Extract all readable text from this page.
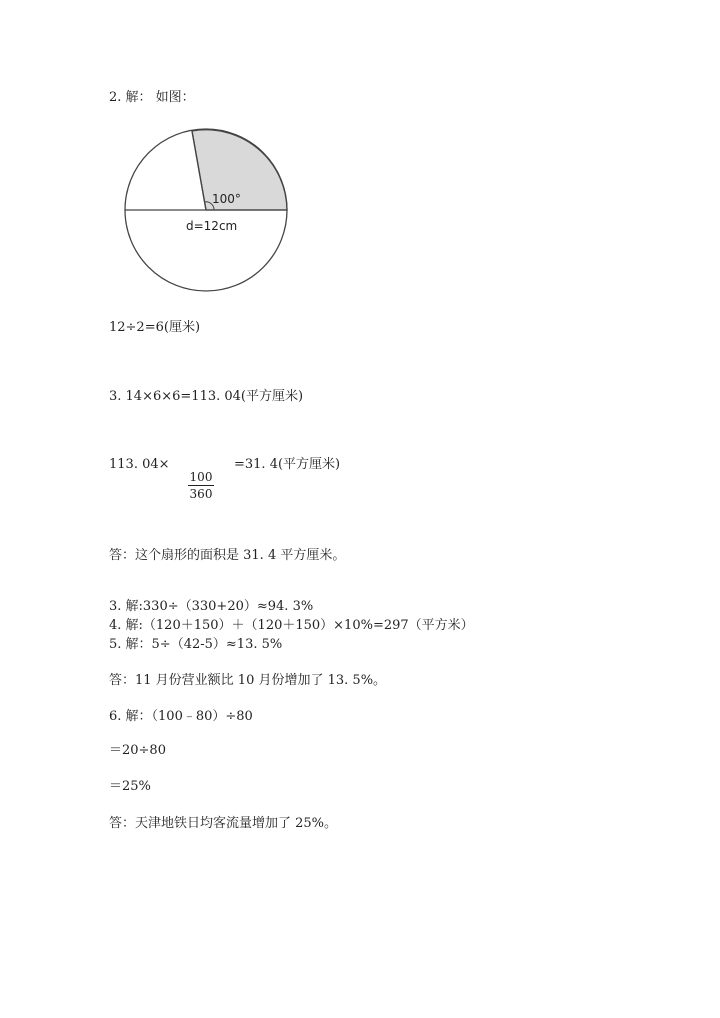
2. 解： 如图：
100°
d=12cm
12÷2=6(厘米)
3. 14×6×6=113. 04(平方厘米)
113. 04×
100
360
=31. 4(平方厘米)
答：这个扇形的面积是 31. 4 平方厘米。
3. 解:330÷（330+20）≈94. 3%
4. 解:（120＋150）＋（120＋150）×10%=297（平方米）
5. 解：5÷（42-5）≈13. 5%
答：11 月份营业额比 10 月份增加了 13. 5%。
6. 解：（100﹣80）÷80
＝20÷80
＝25%
答：天津地铁日均客流量增加了 25%。
